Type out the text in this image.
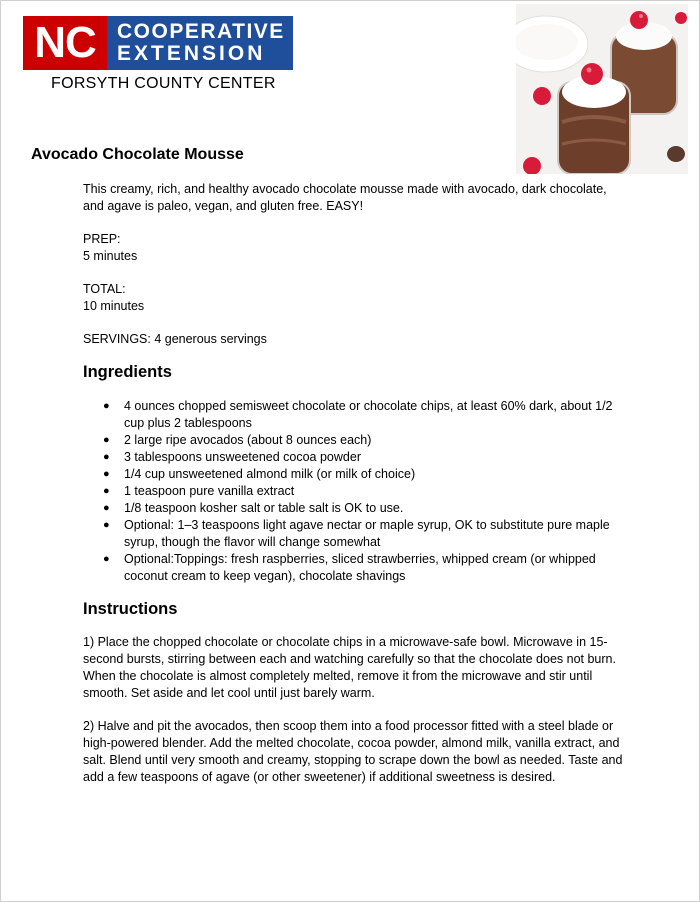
NC	COOPERATIVE
EXTENSION
FORSYTH COUNTY CENTER
Avocado Chocolate Mousse

This creamy, rich, and healthy avocado chocolate mousse made with avocado, dark chocolate, and agave is paleo, vegan, and gluten free. EASY!

PREP:
5 minutes

TOTAL:
10 minutes

SERVINGS: 4 generous servings

Ingredients
● 4 ounces chopped semisweet chocolate or chocolate chips, at least 60% dark, about 1/2 cup plus 2 tablespoons
● 2 large ripe avocados (about 8 ounces each)
● 3 tablespoons unsweetened cocoa powder
● 1/4 cup unsweetened almond milk (or milk of choice)
● 1 teaspoon pure vanilla extract
● 1/8 teaspoon kosher salt or table salt is OK to use.
● Optional: 1–3 teaspoons light agave nectar or maple syrup, OK to substitute pure maple syrup, though the flavor will change somewhat
● Optional:Toppings: fresh raspberries, sliced strawberries, whipped cream (or whipped coconut cream to keep vegan), chocolate shavings
Instructions

1) Place the chopped chocolate or chocolate chips in a microwave-safe bowl. Microwave in 15-second bursts, stirring between each and watching carefully so that the chocolate does not burn. When the chocolate is almost completely melted, remove it from the microwave and stir until smooth. Set aside and let cool until just barely warm.

2) Halve and pit the avocados, then scoop them into a food processor fitted with a steel blade or high-powered blender. Add the melted chocolate, cocoa powder, almond milk, vanilla extract, and salt. Blend until very smooth and creamy, stopping to scrape down the bowl as needed. Taste and add a few teaspoons of agave (or other sweetener) if additional sweetness is desired.
